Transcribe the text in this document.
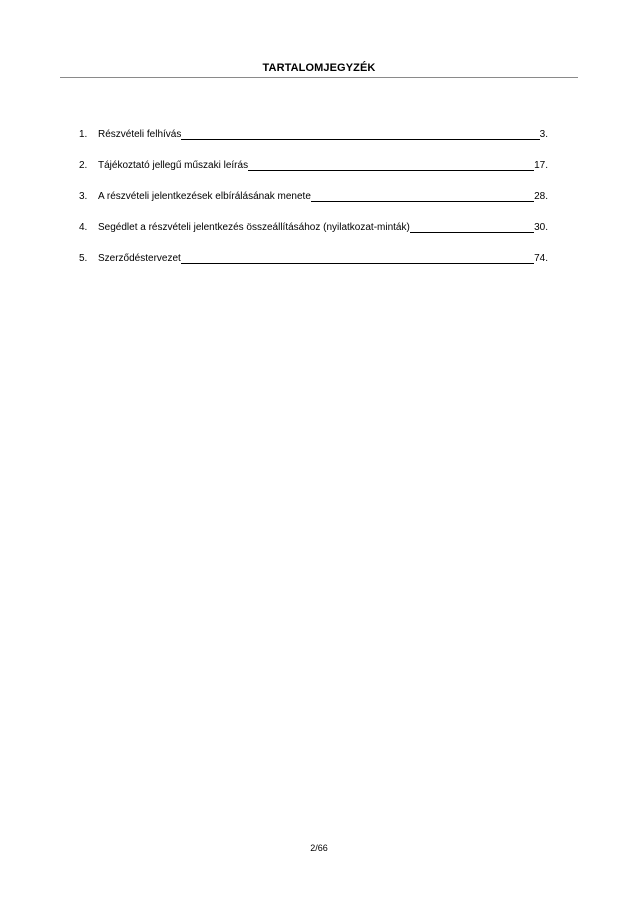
TARTALOMJEGYZÉK
1.	Részvételi felhívás	3.
2.	Tájékoztató jellegű műszaki leírás	17.
3.	A részvételi jelentkezések elbírálásának menete	28.
4.	Segédlet a részvételi jelentkezés összeállításához (nyilatkozat-minták)	30.
5.	Szerződéstervezet	74.
2/66
